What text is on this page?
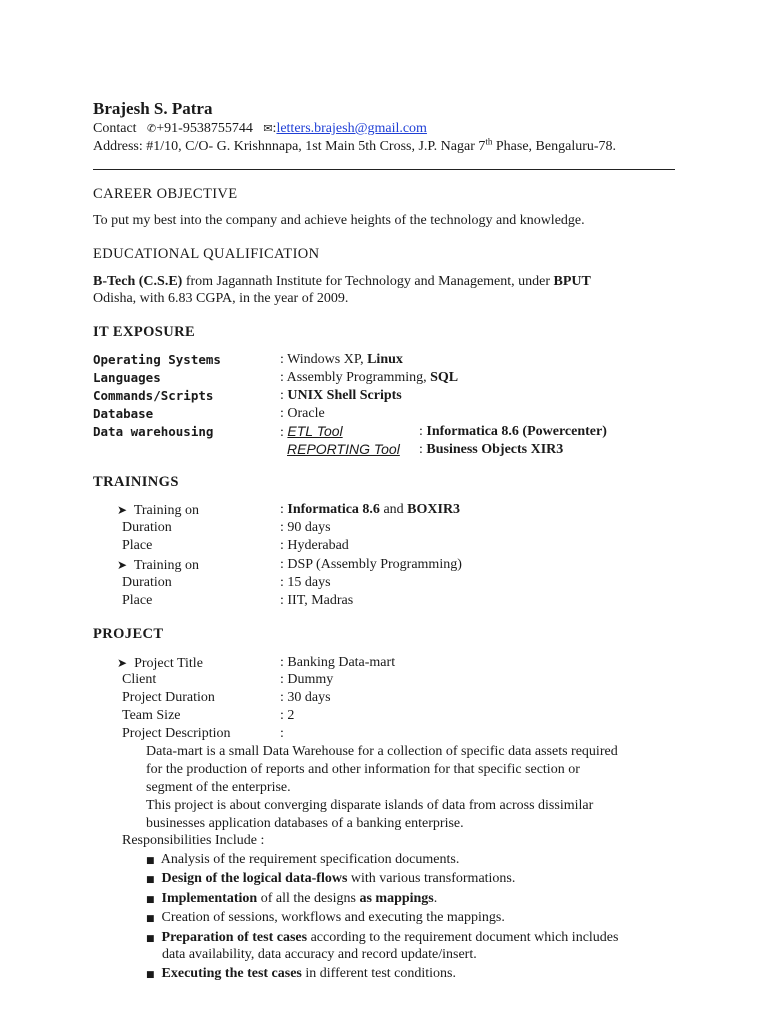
Brajesh S. Patra
Contact   ✆+91-9538755744   ✉:letters.brajesh@gmail.com
Address: #1/10, C/O- G. Krishnnapa, 1st Main 5th Cross, J.P. Nagar 7th Phase, Bengaluru-78.
CAREER OBJECTIVE
To put my best into the company and achieve heights of the technology and knowledge.
EDUCATIONAL QUALIFICATION
B-Tech (C.S.E) from Jagannath Institute for Technology and Management, under BPUT
Odisha, with 6.83 CGPA, in the year of 2009.
IT EXPOSURE
Operating Systems	: Windows XP, Linux
Languages	: Assembly Programming, SQL
Commands/Scripts	: UNIX Shell Scripts
Database	: Oracle
Data warehousing	: ETL Tool	: Informatica 8.6 (Powercenter)
REPORTING Tool : Business Objects XIR3
TRAININGS
➤ Training on	: Informatica 8.6 and BOXIR3
Duration	: 90 days
Place	: Hyderabad
➤ Training on	: DSP (Assembly Programming)
Duration	: 15 days
Place	: IIT, Madras
PROJECT
➤ Project Title	: Banking Data-mart
Client	: Dummy
Project Duration	: 30 days
Team Size	: 2
Project Description	:
Data-mart is a small Data Warehouse for a collection of specific data assets required
for the production of reports and other information for that specific section or
segment of the enterprise.
This project is about converging disparate islands of data from across dissimilar
businesses application databases of a banking enterprise.
Responsibilities Include :
■ Analysis of the requirement specification documents.
■ Design of the logical data-flows with various transformations.
■ Implementation of all the designs as mappings.
■ Creation of sessions, workflows and executing the mappings.
■ Preparation of test cases according to the requirement document which includes
data availability, data accuracy and record update/insert.
■ Executing the test cases in different test conditions.
